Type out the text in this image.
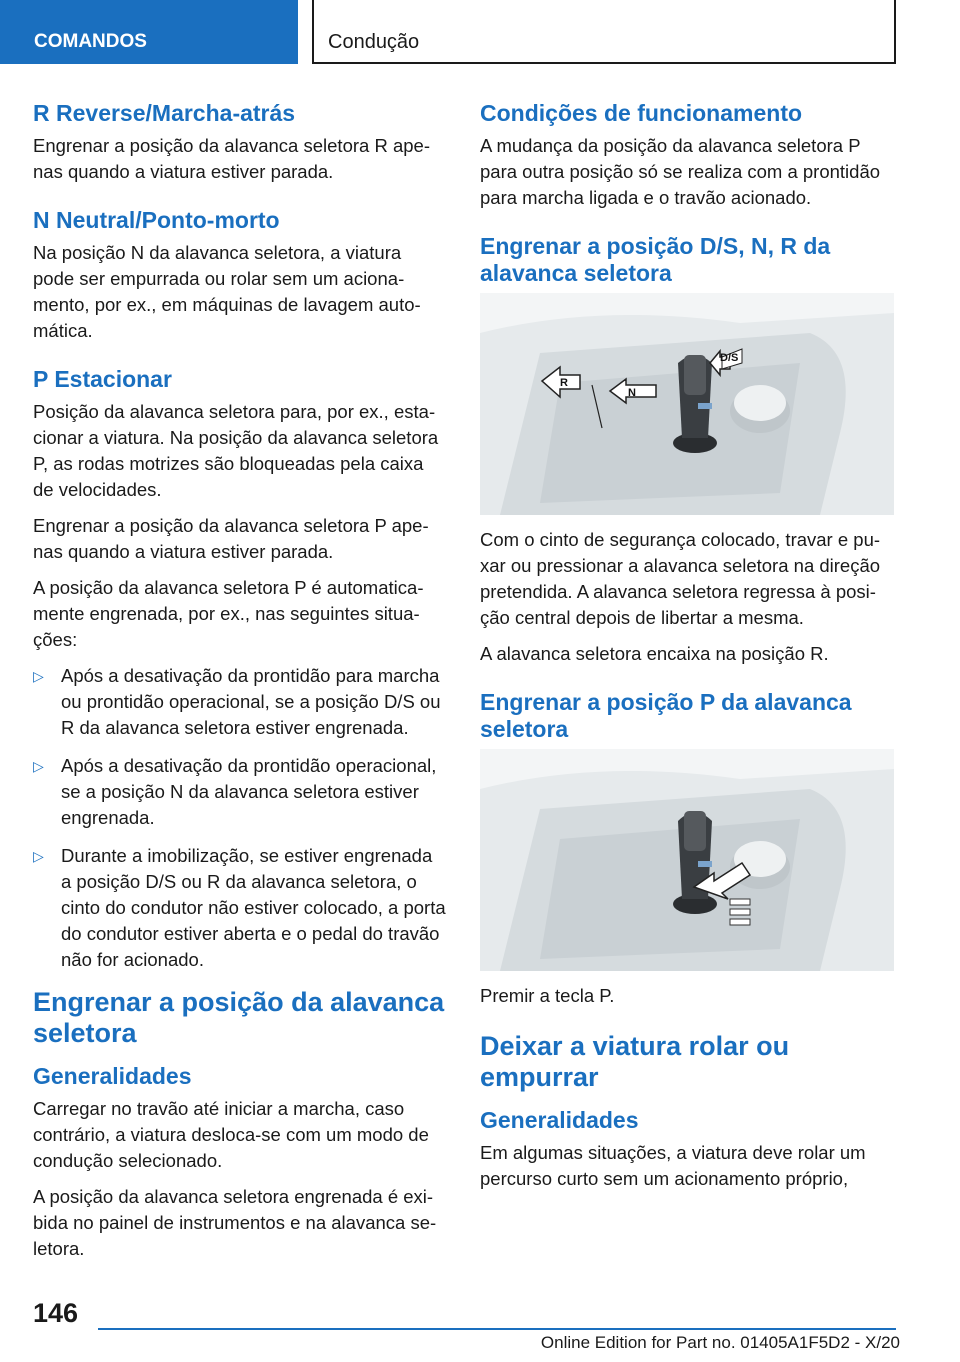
COMANDOS	Condução
R Reverse/Marcha-atrás

Engrenar a posição da alavanca seletora R apenas quando a viatura estiver parada.

N Neutral/Ponto-morto

Na posição N da alavanca seletora, a viatura pode ser empurrada ou rolar sem um acionamento, por ex., em máquinas de lavagem automática.

P Estacionar

Posição da alavanca seletora para, por ex., estacionar a viatura. Na posição da alavanca seletora P, as rodas motrizes são bloqueadas pela caixa de velocidades.

Engrenar a posição da alavanca seletora P apenas quando a viatura estiver parada.

A posição da alavanca seletora P é automaticamente engrenada, por ex., nas seguintes situações:

▷ Após a desativação da prontidão para marcha ou prontidão operacional, se a posição D/S ou R da alavanca seletora estiver engrenada.
▷ Após a desativação da prontidão operacional, se a posição N da alavanca seletora estiver engrenada.
▷ Durante a imobilização, se estiver engrenada a posição D/S ou R da alavanca seletora, o cinto do condutor não estiver colocado, a porta do condutor estiver aberta e o pedal do travão não for acionado.
Engrenar a posição da alavanca seletora
Generalidades

Carregar no travão até iniciar a marcha, caso contrário, a viatura desloca-se com um modo de condução selecionado.

A posição da alavanca seletora engrenada é exibida no painel de instrumentos e na alavanca seletora.

Condições de funcionamento

A mudança da posição da alavanca seletora P para outra posição só se realiza com a prontidão para marcha ligada e o travão acionado.

Engrenar a posição D/S, N, R da alavanca seletora
D/S
N
R

Com o cinto de segurança colocado, travar e puxar ou pressionar a alavanca seletora na direção pretendida. A alavanca seletora regressa à posição central depois de libertar a mesma.

A alavanca seletora encaixa na posição R.

Engrenar a posição P da alavanca seletora

Premir a tecla P.

Deixar a viatura rolar ou empurrar
Generalidades

Em algumas situações, a viatura deve rolar um percurso curto sem um acionamento próprio,

146
Online Edition for Part no. 01405A1F5D2 - X/20
